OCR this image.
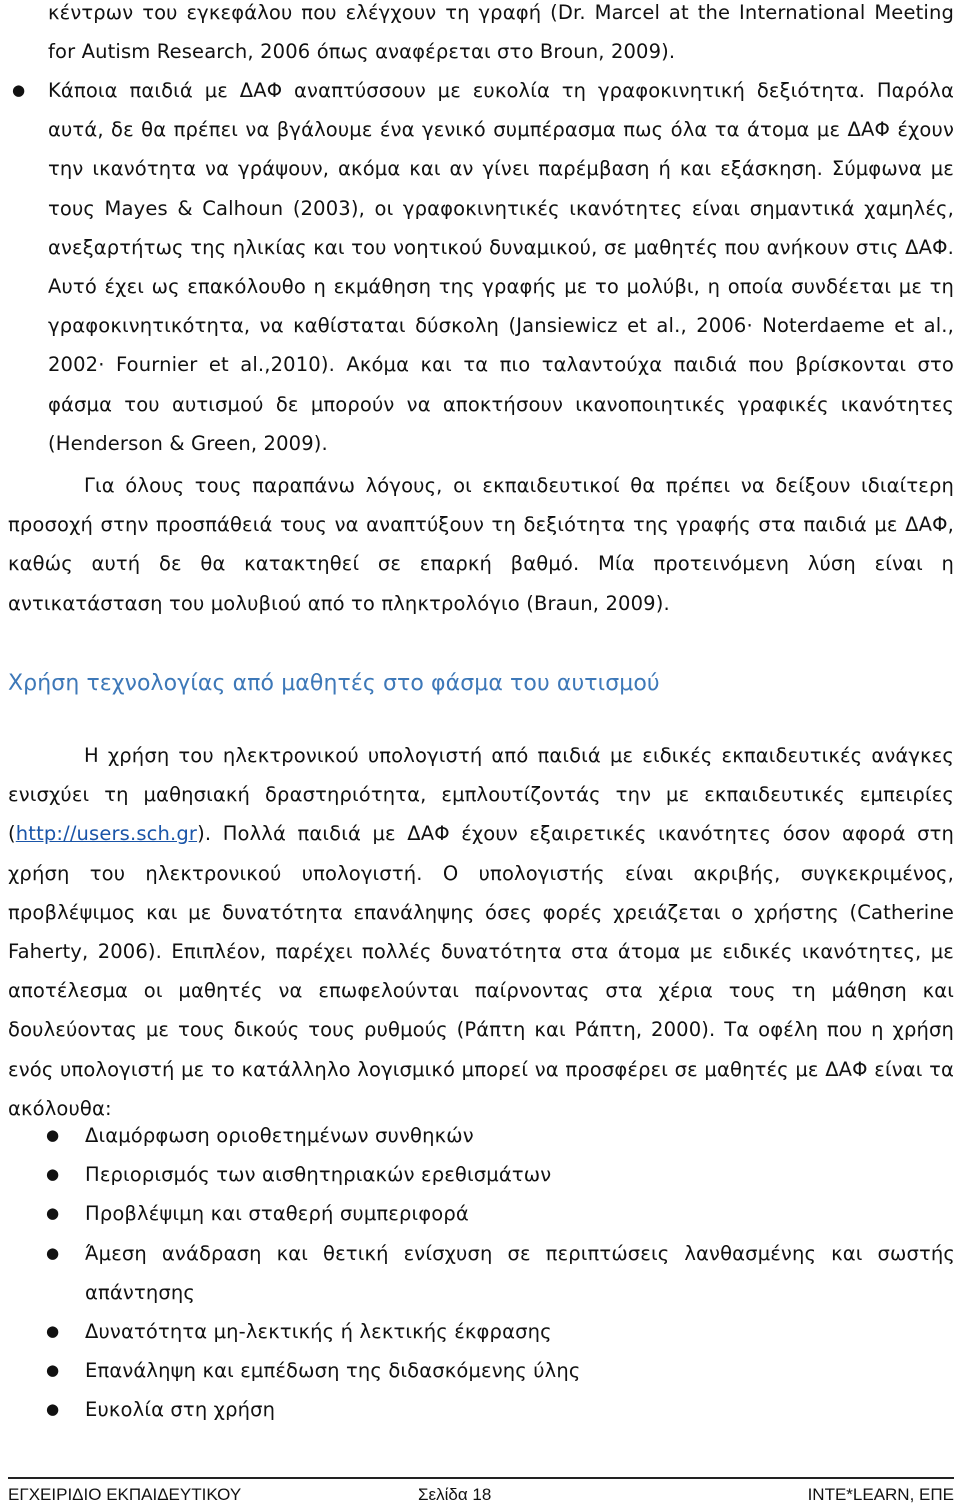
κέντρων του εγκεφάλου που ελέγχουν τη γραφή (Dr. Marcel at the International Meeting for Autism Research, 2006 όπως αναφέρεται στο Broun, 2009).

● Κάποια παιδιά με ΔΑΦ αναπτύσσουν με ευκολία τη γραφοκινητική δεξιότητα. Παρόλα αυτά, δε θα πρέπει να βγάλουμε ένα γενικό συμπέρασμα πως όλα τα άτομα με ΔΑΦ έχουν την ικανότητα να γράψουν, ακόμα και αν γίνει παρέμβαση ή και εξάσκηση. Σύμφωνα με τους Mayes & Calhoun (2003), οι γραφοκινητικές ικανότητες είναι σημαντικά χαμηλές, ανεξαρτήτως της ηλικίας και του νοητικού δυναμικού, σε μαθητές που ανήκουν στις ΔΑΦ. Αυτό έχει ως επακόλουθο η εκμάθηση της γραφής με το μολύβι, η οποία συνδέεται με τη γραφοκινητικότητα, να καθίσταται δύσκολη (Jansiewicz et al., 2006· Noterdaeme et al., 2002· Fournier et al.,2010). Ακόμα και τα πιο ταλαντούχα παιδιά που βρίσκονται στο φάσμα του αυτισμού δε μπορούν να αποκτήσουν ικανοποιητικές γραφικές ικανότητες (Henderson & Green, 2009).

Για όλους τους παραπάνω λόγους, οι εκπαιδευτικοί θα πρέπει να δείξουν ιδιαίτερη προσοχή στην προσπάθειά τους να αναπτύξουν τη δεξιότητα της γραφής στα παιδιά με ΔΑΦ, καθώς αυτή δε θα κατακτηθεί σε επαρκή βαθμό. Μία προτεινόμενη λύση είναι η αντικατάσταση του μολυβιού από το πληκτρολόγιο (Braun, 2009).

Χρήση τεχνολογίας από μαθητές στο φάσμα του αυτισμού

Η χρήση του ηλεκτρονικού υπολογιστή από παιδιά με ειδικές εκπαιδευτικές ανάγκες ενισχύει τη μαθησιακή δραστηριότητα, εμπλουτίζοντάς την με εκπαιδευτικές εμπειρίες (http://users.sch.gr). Πολλά παιδιά με ΔΑΦ έχουν εξαιρετικές ικανότητες όσον αφορά στη χρήση του ηλεκτρονικού υπολογιστή. Ο υπολογιστής είναι ακριβής, συγκεκριμένος, προβλέψιμος και με δυνατότητα επανάληψης όσες φορές χρειάζεται ο χρήστης (Catherine Faherty, 2006). Επιπλέον, παρέχει πολλές δυνατότητα στα άτομα με ειδικές ικανότητες, με αποτέλεσμα οι μαθητές να επωφελούνται παίρνοντας στα χέρια τους τη μάθηση και δουλεύοντας με τους δικούς τους ρυθμούς (Ράπτη και Ράπτη, 2000). Τα οφέλη που η χρήση ενός υπολογιστή με το κατάλληλο λογισμικό μπορεί να προσφέρει σε μαθητές με ΔΑΦ είναι τα ακόλουθα:

● Διαμόρφωση οριοθετημένων συνθηκών
● Περιορισμός των αισθητηριακών ερεθισμάτων
● Προβλέψιμη και σταθερή συμπεριφορά
● Άμεση ανάδραση και θετική ενίσχυση σε περιπτώσεις λανθασμένης και σωστής απάντησης
● Δυνατότητα μη-λεκτικής ή λεκτικής έκφρασης
● Επανάληψη και εμπέδωση της διδασκόμενης ύλης
● Ευκολία στη χρήση
ΕΓΧΕΙΡΙΔΙΟ ΕΚΠΑΙΔΕΥΤΙΚΟΥ	Σελίδα 18	INTE*LEARN, ΕΠΕ
